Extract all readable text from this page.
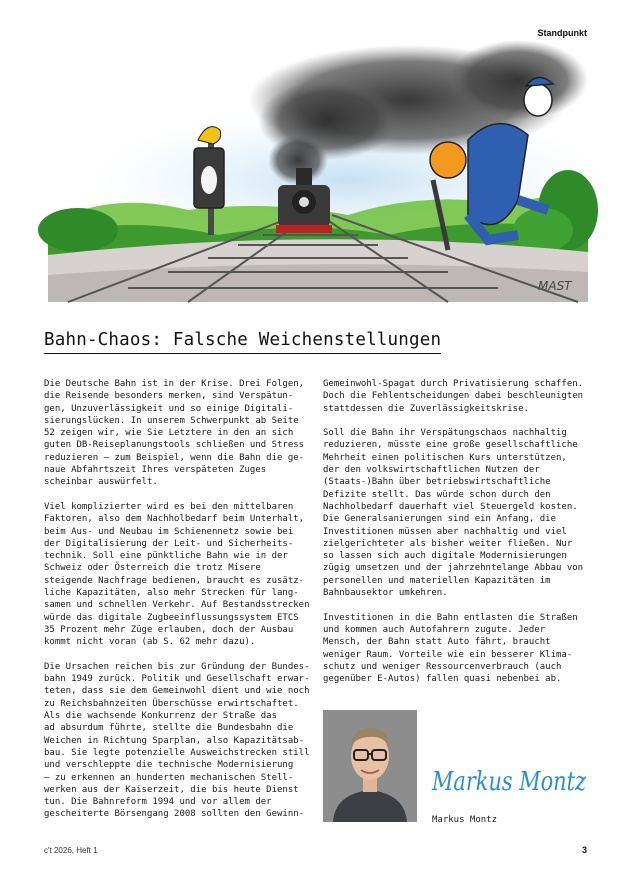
Standpunkt
MAST
Bahn-Chaos: Falsche Weichenstellungen

Die Deutsche Bahn ist in der Krise. Drei Folgen,
die Reisende besonders merken, sind Verspätun-
gen, Unzuverlässigkeit und so einige Digitali-
sierungslücken. In unserem Schwerpunkt ab Seite
52 zeigen wir, wie Sie Letztere in den an sich
guten DB-Reiseplanungstools schließen und Stress
reduzieren – zum Beispiel, wenn die Bahn die ge-
naue Abfahrtszeit Ihres verspäteten Zuges
scheinbar auswürfelt.

Viel komplizierter wird es bei den mittelbaren
Faktoren, also dem Nachholbedarf beim Unterhalt,
beim Aus- und Neubau im Schienennetz sowie bei
der Digitalisierung der Leit- und Sicherheits-
technik. Soll eine pünktliche Bahn wie in der
Schweiz oder Österreich die trotz Misere
steigende Nachfrage bedienen, braucht es zusätz-
liche Kapazitäten, also mehr Strecken für lang-
samen und schnellen Verkehr. Auf Bestandsstrecken
würde das digitale Zugbeeinflussungssystem ETCS
35 Prozent mehr Züge erlauben, doch der Ausbau
kommt nicht voran (ab S. 62 mehr dazu).

Die Ursachen reichen bis zur Gründung der Bundes-
bahn 1949 zurück. Politik und Gesellschaft erwar-
teten, dass sie dem Gemeinwohl dient und wie noch
zu Reichsbahnzeiten Überschüsse erwirtschaftet.
Als die wachsende Konkurrenz der Straße das
ad absurdum führte, stellte die Bundesbahn die
Weichen in Richtung Sparplan, also Kapazitätsab-
bau. Sie legte potenzielle Ausweichstrecken still
und verschleppte die technische Modernisierung
– zu erkennen an hunderten mechanischen Stell-
werken aus der Kaiserzeit, die bis heute Dienst
tun. Die Bahnreform 1994 und vor allem der
gescheiterte Börsengang 2008 sollten den Gewinn-

Gemeinwohl-Spagat durch Privatisierung schaffen.
Doch die Fehlentscheidungen dabei beschleunigten
stattdessen die Zuverlässigkeitskrise.

Soll die Bahn ihr Verspätungschaos nachhaltig
reduzieren, müsste eine große gesellschaftliche
Mehrheit einen politischen Kurs unterstützen,
der den volkswirtschaftlichen Nutzen der
(Staats-)Bahn über betriebswirtschaftliche
Defizite stellt. Das würde schon durch den
Nachholbedarf dauerhaft viel Steuergeld kosten.
Die Generalsanierungen sind ein Anfang, die
Investitionen müssen aber nachhaltig und viel
zielgerichteter als bisher weiter fließen. Nur
so lassen sich auch digitale Modernisierungen
zügig umsetzen und der jahrzehntelange Abbau von
personellen und materiellen Kapazitäten im
Bahnbausektor umkehren.

Investitionen in die Bahn entlasten die Straßen
und kommen auch Autofahrern zugute. Jeder
Mensch, der Bahn statt Auto fährt, braucht
weniger Raum. Vorteile wie ein besserer Klima-
schutz und weniger Ressourcenverbrauch (auch
gegenüber E-Autos) fallen quasi nebenbei ab.

Markus Montz
Markus Montz
c't 2026, Heft 1	3
